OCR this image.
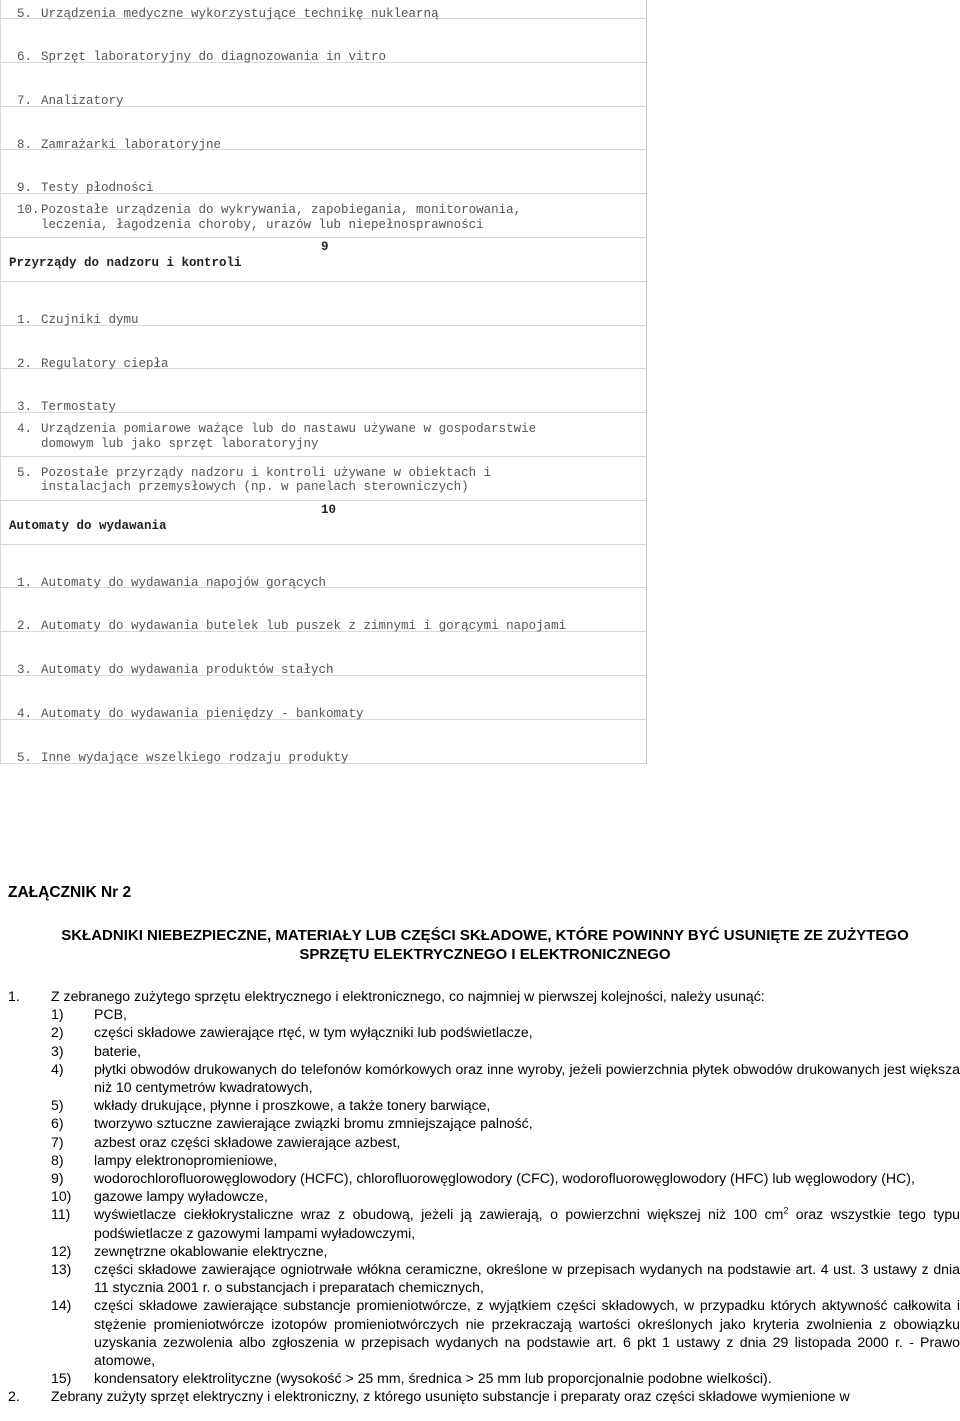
5. Urządzenia medyczne wykorzystujące technikę nuklearną
6. Sprzęt laboratoryjny do diagnozowania in vitro
7. Analizatory
8. Zamrażarki laboratoryjne
9. Testy płodności
10.Pozostałe urządzenia do wykrywania, zapobiegania, monitorowania,
leczenia, łagodzenia choroby, urazów lub niepełnosprawności
9
Przyrządy do nadzoru i kontroli
1. Czujniki dymu
2. Regulatory ciepła
3. Termostaty
4. Urządzenia pomiarowe ważące lub do nastawu używane w gospodarstwie
domowym lub jako sprzęt laboratoryjny
5. Pozostałe przyrządy nadzoru i kontroli używane w obiektach i
instalacjach przemysłowych (np. w panelach sterowniczych)
10
Automaty do wydawania
1. Automaty do wydawania napojów gorących
2. Automaty do wydawania butelek lub puszek z zimnymi i gorącymi napojami
3. Automaty do wydawania produktów stałych
4. Automaty do wydawania pieniędzy - bankomaty
5. Inne wydające wszelkiego rodzaju produkty
ZAŁĄCZNIK Nr 2
SKŁADNIKI NIEBEZPIECZNE, MATERIAŁY LUB CZĘŚCI SKŁADOWE, KTÓRE POWINNY BYĆ USUNIĘTE ZE ZUŻYTEGO SPRZĘTU ELEKTRYCZNEGO I ELEKTRONICZNEGO
1. Z zebranego zużytego sprzętu elektrycznego i elektronicznego, co najmniej w pierwszej kolejności, należy usunąć:
1) PCB,
2) części składowe zawierające rtęć, w tym wyłączniki lub podświetlacze,
3) baterie,
4) płytki obwodów drukowanych do telefonów komórkowych oraz inne wyroby, jeżeli powierzchnia płytek obwodów drukowanych jest większa niż 10 centymetrów kwadratowych,
5) wkłady drukujące, płynne i proszkowe, a także tonery barwiące,
6) tworzywo sztuczne zawierające związki bromu zmniejszające palność,
7) azbest oraz części składowe zawierające azbest,
8) lampy elektronopromieniowe,
9) wodorochlorofluorowęglowodory (HCFC), chlorofluorowęglowodory (CFC), wodorofluorowęglowodory (HFC) lub węglowodory (HC),
10) gazowe lampy wyładowcze,
11) wyświetlacze ciekłokrystaliczne wraz z obudową, jeżeli ją zawierają, o powierzchni większej niż 100 $cm^2$ oraz wszystkie tego typu podświetlacze z gazowymi lampami wyładowczymi,
12) zewnętrzne okablowanie elektryczne,
13) części składowe zawierające ogniotrwałe włókna ceramiczne, określone w przepisach wydanych na podstawie art. 4 ust. 3 ustawy z dnia 11 stycznia 2001 r. o substancjach i preparatach chemicznych,
14) części składowe zawierające substancje promieniotwórcze, z wyjątkiem części składowych, w przypadku których aktywność całkowita i stężenie promieniotwórcze izotopów promieniotwórczych nie przekraczają wartości określonych jako kryteria zwolnienia z obowiązku uzyskania zezwolenia albo zgłoszenia w przepisach wydanych na podstawie art. 6 pkt 1 ustawy z dnia 29 listopada 2000 r. - Prawo atomowe,
15) kondensatory elektrolityczne (wysokość > 25 mm, średnica > 25 mm lub proporcjonalnie podobne wielkości).
2. Zebrany zużyty sprzęt elektryczny i elektroniczny, z którego usunięto substancje i preparaty oraz części składowe wymienione w
